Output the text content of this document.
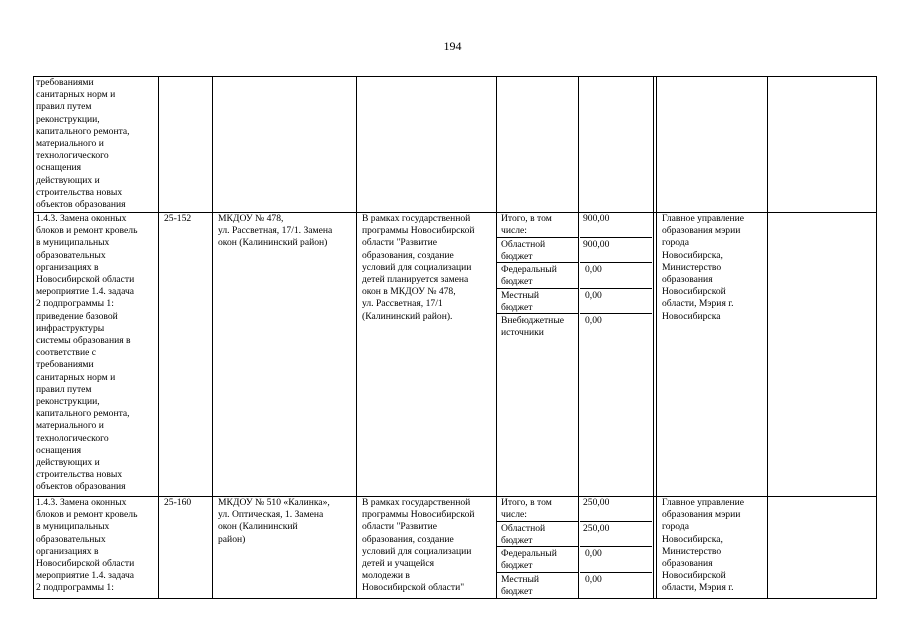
194
требованиями
санитарных норм и
правил путем
реконструкции,
капитального ремонта,
материального и
технологического
оснащения
действующих и
строительства новых
объектов образования
1.4.3. Замена оконных
блоков и ремонт кровель
в муниципальных
образовательных
организациях в
Новосибирской области
мероприятие 1.4. задача
2 подпрограммы 1:
приведение базовой
инфраструктуры
системы образования в
соответствие с
требованиями
санитарных норм и
правил путем
реконструкции,
капитального ремонта,
материального и
технологического
оснащения
действующих и
строительства новых
объектов образования
25-152	МКДОУ № 478,
ул. Рассветная, 17/1. Замена
окон (Калининский район)
В рамках государственной
программы Новосибирской
области "Развитие
образования, создание
условий для социализации
детей планируется замена
окон в МКДОУ № 478,
ул. Рассветная, 17/1
(Калининский район).
Итого, в том
числе:
900,00
Областной
бюджет
900,00
Федеральный
бюджет
0,00
Местный
бюджет
0,00
Внебюджетные
источники
0,00
Главное управление
образования мэрии
города
Новосибирска,
Министерство
образования
Новосибирской
области, Мэрия г.
Новосибирска
1.4.3. Замена оконных
блоков и ремонт кровель
в муниципальных
образовательных
организациях в
Новосибирской области
мероприятие 1.4. задача
2 подпрограммы 1:
25-160	МКДОУ № 510 «Калинка»,
ул. Оптическая, 1. Замена
окон (Калининский
район)
В рамках государственной
программы Новосибирской
области "Развитие
образования, создание
условий для социализации
детей и учащейся
молодежи в
Новосибирской области"
Итого, в том
числе:
250,00
Областной
бюджет
250,00
Федеральный
бюджет
0,00
Местный
бюджет
0,00
Главное управление
образования мэрии
города
Новосибирска,
Министерство
образования
Новосибирской
области, Мэрия г.
